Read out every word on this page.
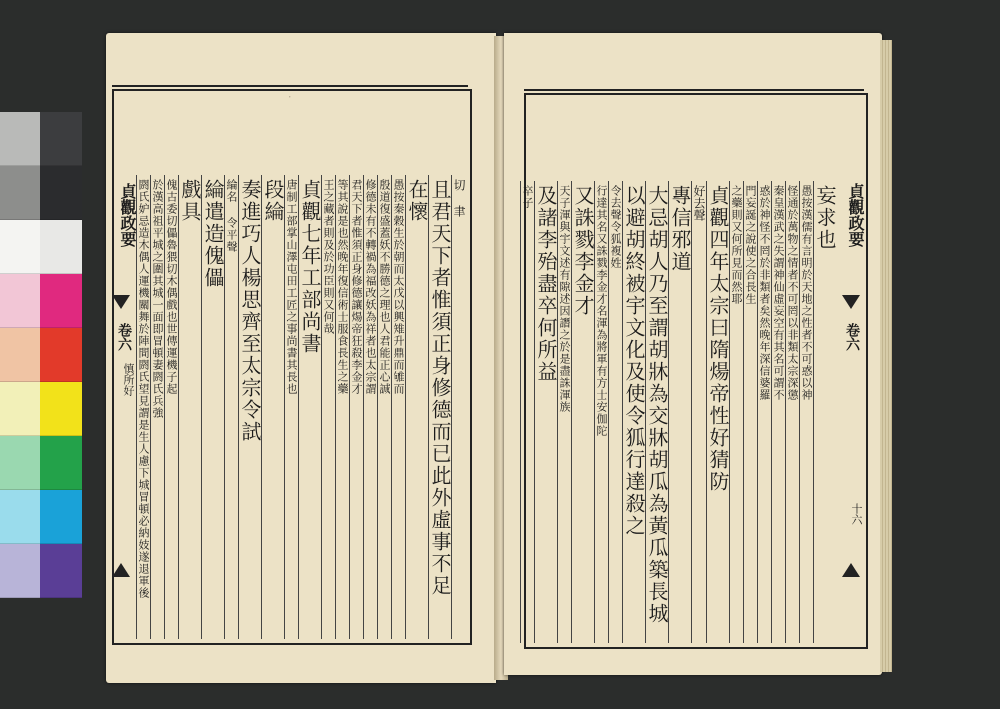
貞觀政要
卷六
慎所好
切 聿
且君天下者惟須正身修德而已此外虛事不足
在懷
愚按秦穀生於朝而太戊以興雉升鼎而雊而
殷道復盛蓋妖不勝德之理也人君能正心誠
修德未有不轉禍為福改妖為祥者也太宗謂
君天下者惟須正身修德讓煬帝狂殺李金才
等其說是也然晚年復信術士服食長生之藥
王之藏者則及於功臣則又何哉
貞觀七年工部尚書
唐制工部掌山澤屯田工匠之事尚書其長也
段綸
奏進巧人楊思齊至太宗令試
綸名 令平聲
綸遣造傀儡
戲具
傀古委切儡魯猥切木偶戲也世傳運機子起
於漢高祖平城之圍其城一面即冒頓妻閼氏兵強
閼氏妒忌造木偶人運機關舞於陣間閼氏望見謂是生人慮下城冒頓必納妓遂退軍後
.
貞觀政要
卷六
十六
妄求也
愚按漢儒有言明於天地之性者不可惑以神
怪通於萬物之情者不可罔以非類太宗深懲
秦皇漢武之失謂神仙虛妄空有其名可謂不
惑於神怪不罔於非類者矣然晚年深信婆羅
門妄誕之說使之合長生
之藥則又何所見而然耶
貞觀四年太宗曰隋煬帝性好猜防
好去聲
專信邪道
大忌胡人乃至謂胡牀為交牀胡瓜為黃瓜築長城
以避胡終被宇文化及使令狐行達殺之
令去聲令狐複姓
行達其名又誅戮李金才名渾為將軍有方士安伽陀
又誅戮李金才
天子渾與宇文述有隙述因譖之於是盡誅渾族
及諸李殆盡卒何所益
卒子
